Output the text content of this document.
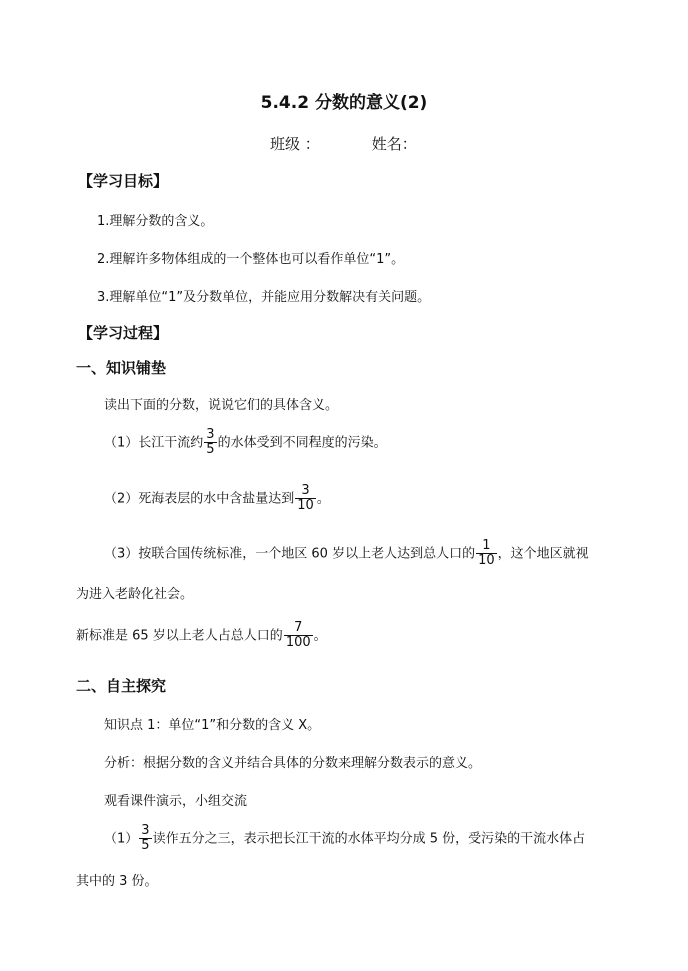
5.4.2 分数的意义(2)
班级 ：	姓名：
【学习目标】
1.理解分数的含义。
2.理解许多物体组成的一个整体也可以看作单位“1”。
3.理解单位“1”及分数单位，并能应用分数解决有关问题。
【学习过程】
一、知识铺垫
读出下面的分数，说说它们的具体含义。
（1）长江干流约 $\frac{3}{5}$ 的水体受到不同程度的污染。
（2）死海表层的水中含盐量达到 $\frac{3}{10}$ 。
（3）按联合国传统标准，一个地区 60 岁以上老人达到总人口的 $\frac{1}{10}$ ，这个地区就视
为进入老龄化社会。
新标准是 65 岁以上老人占总人口的 $\frac{7}{100}$ 。
二、自主探究
知识点 1：单位“1”和分数的含义 X。
分析：根据分数的含义并结合具体的分数来理解分数表示的意义。
观看课件演示，小组交流
$(1) \frac{3}{5}$ 读作五分之三，表示把长江干流的水体平均分成 5 份，受污染的干流水体占
其中的 3 份。
